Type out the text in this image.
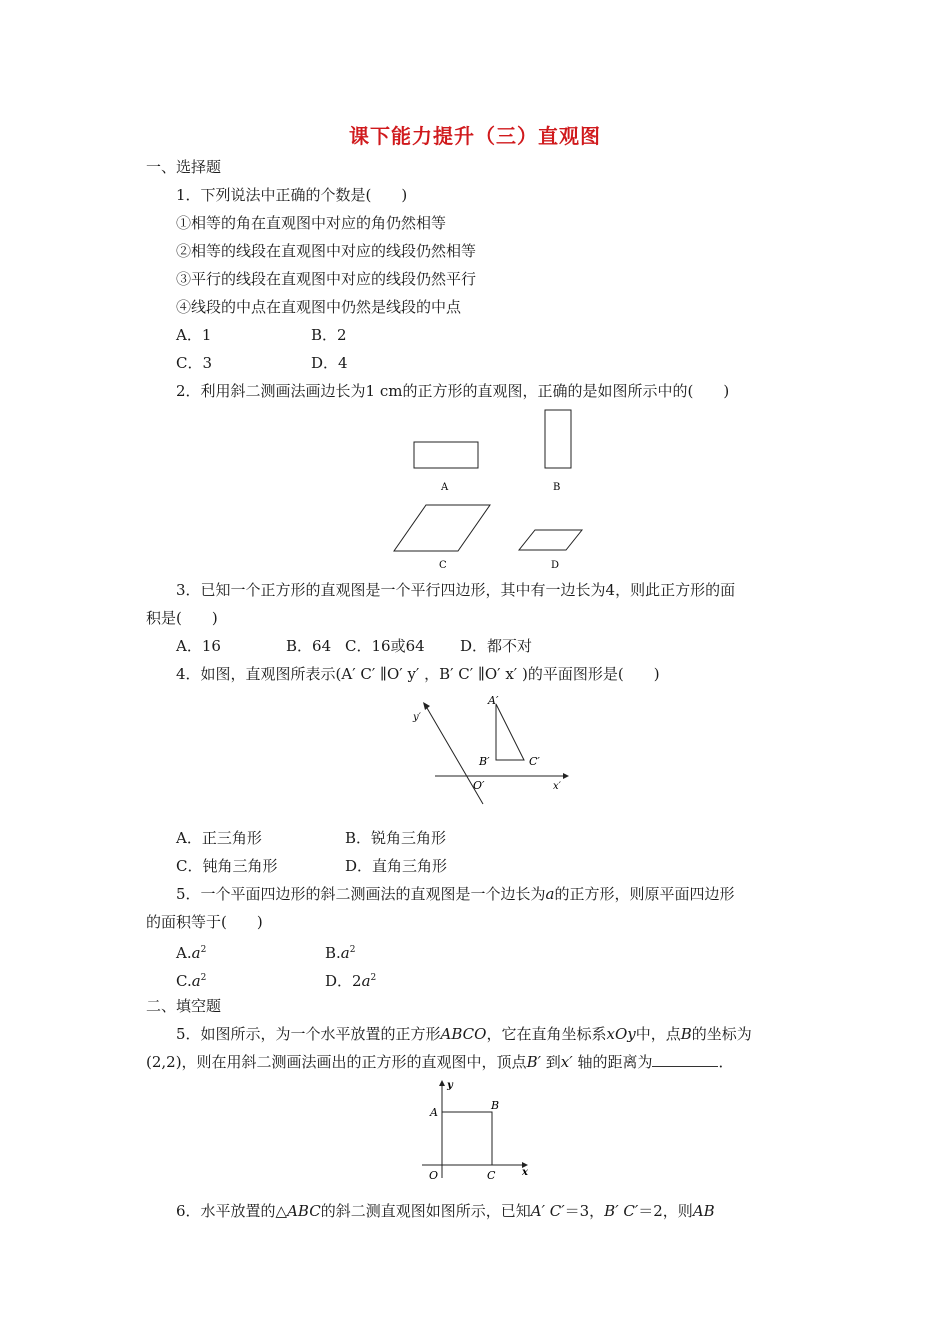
课下能力提升（三）直观图
一、选择题
1．下列说法中正确的个数是(　　)
①相等的角在直观图中对应的角仍然相等
②相等的线段在直观图中对应的线段仍然相等
③平行的线段在直观图中对应的线段仍然平行
④线段的中点在直观图中仍然是线段的中点
A．1	B．2
C．3	D．4
2．利用斜二测画法画边长为1 cm的正方形的直观图，正确的是如图所示中的(　　)
A	B
C	D
3．已知一个正方形的直观图是一个平行四边形，其中有一边长为4，则此正方形的面
积是(　　)
A．16	B．64 C．16或64 D．都不对
4．如图，直观图所表示(A′ C′ ∥O′ y′ ，B′ C′ ∥O′ x′ )的平面图形是(　　)
A′
B′	C′
O′	x′
y′
A．正三角形	B．锐角三角形
C．钝角三角形	D．直角三角形
5．一个平面四边形的斜二测画法的直观图是一个边长为a的正方形，则原平面四边形
的面积等于(　　)
$A.a^2$	$B.a^2$
$C.a^2$	D．$2a^2$
二、填空题
5．如图所示，为一个水平放置的正方形ABCO，它在直角坐标系xOy中，点B的坐标为
(2,2)，则在用斜二测画法画出的正方形的直观图中，顶点B′ 到x′ 轴的距离为	．
A
B
C
O	x
y
6．水平放置的△ABC的斜二测直观图如图所示，已知A′ C′＝3，B′ C′＝2，则AB
